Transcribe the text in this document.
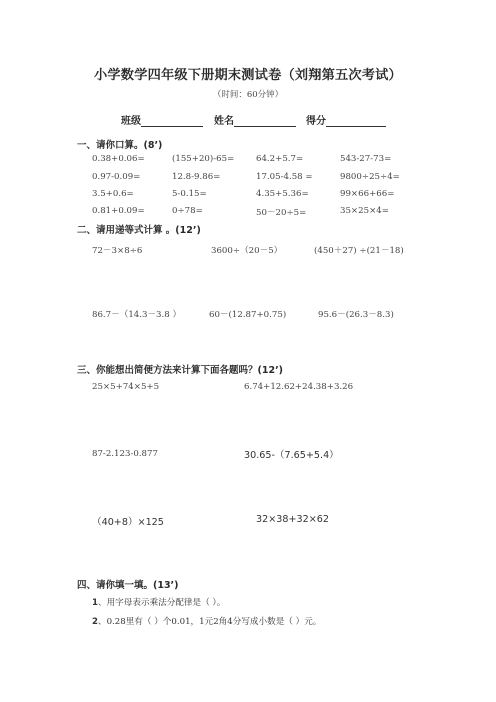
小学数学四年级下册期末测试卷（刘翔第五次考试）
（时间：60分钟）
班级	姓名	得分
一、请你口算。(8’)
0.38+0.06=	(155+20)-65=	64.2+5.7=	543-27-73=
0.97-0.09=	12.8-9.86=	17.05-4.58 =	9800÷25÷4=
3.5+0.6=	5-0.15=	4.35+5.36=	99×66+66=
0.81+0.09=	0÷78=	50－20÷5=	35×25×4=
二、请用递等式计算 。(12’)
72－3×8÷6	3600÷（20－5）	(450＋27) ÷(21－18)
86.7－（14.3－3.8 ）	60－(12.87+0.75)	95.6－(26.3－8.3)
三、你能想出简便方法来计算下面各题吗？(12’)
25×5+74×5+5	6.74+12.62+24.38+3.26
87-2.123-0.877	30.65-（7.65+5.4）
（40+8）×125	32×38+32×62
四、请你填一填。(13’)
1、用字母表示乘法分配律是（ ）。
2、0.28里有（ ）个0.01，1元2角4分写成小数是（ ）元。
